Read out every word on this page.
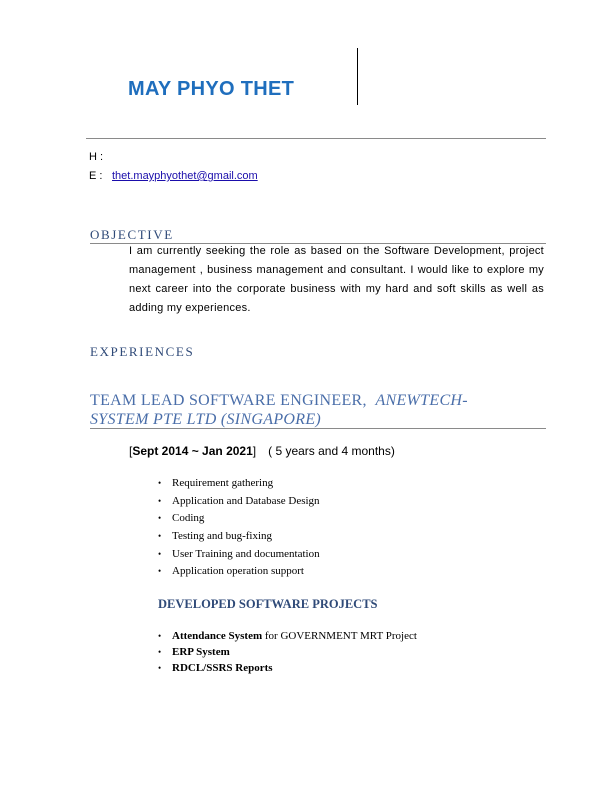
MAY PHYO THET
H :
E : thet.mayphyothet@gmail.com
OBJECTIVE
I am currently seeking the role as based on the Software Development, project management , business management and consultant. I would like to explore my next career into the corporate business with my hard and soft skills as well as adding my experiences.
EXPERIENCES
TEAM LEAD SOFTWARE ENGINEER, ANEWTECH-SYSTEM PTE LTD (SINGAPORE)
[Sept 2014 ~ Jan 2021] ( 5 years and 4 months)
• Requirement gathering
• Application and Database Design
• Coding
• Testing and bug-fixing
• User Training and documentation
• Application operation support
DEVELOPED SOFTWARE PROJECTS
• Attendance System for GOVERNMENT MRT Project
• ERP System
• RDCL/SSRS Reports
